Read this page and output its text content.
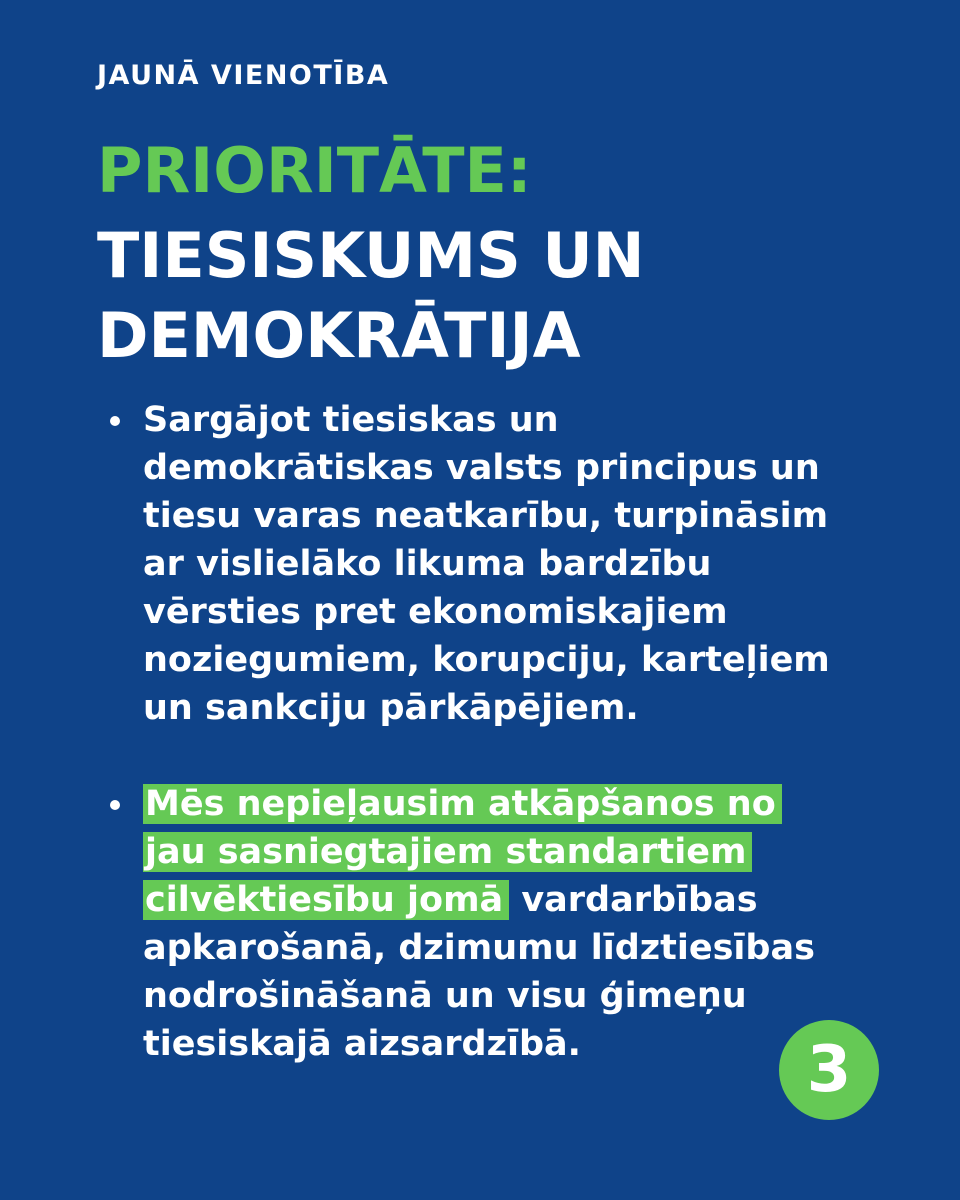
JAUNĀ VIENOTĪBA
PRIORITĀTE:
TIESISKUMS UN
DEMOKRĀTIJA
Sargājot tiesiskas un
demokrātiskas valsts principus un
tiesu varas neatkarību, turpināsim
ar vislielāko likuma bardzību
vērsties pret ekonomiskajiem
noziegumiem, korupciju, karteļiem
un sankciju pārkāpējiem.
Mēs nepieļausim atkāpšanos no
jau sasniegtajiem standartiem
cilvēktiesību jomā vardarbības
apkarošanā, dzimumu līdztiesības
nodrošināšanā un visu ģimeņu
tiesiskajā aizsardzībā.	3
